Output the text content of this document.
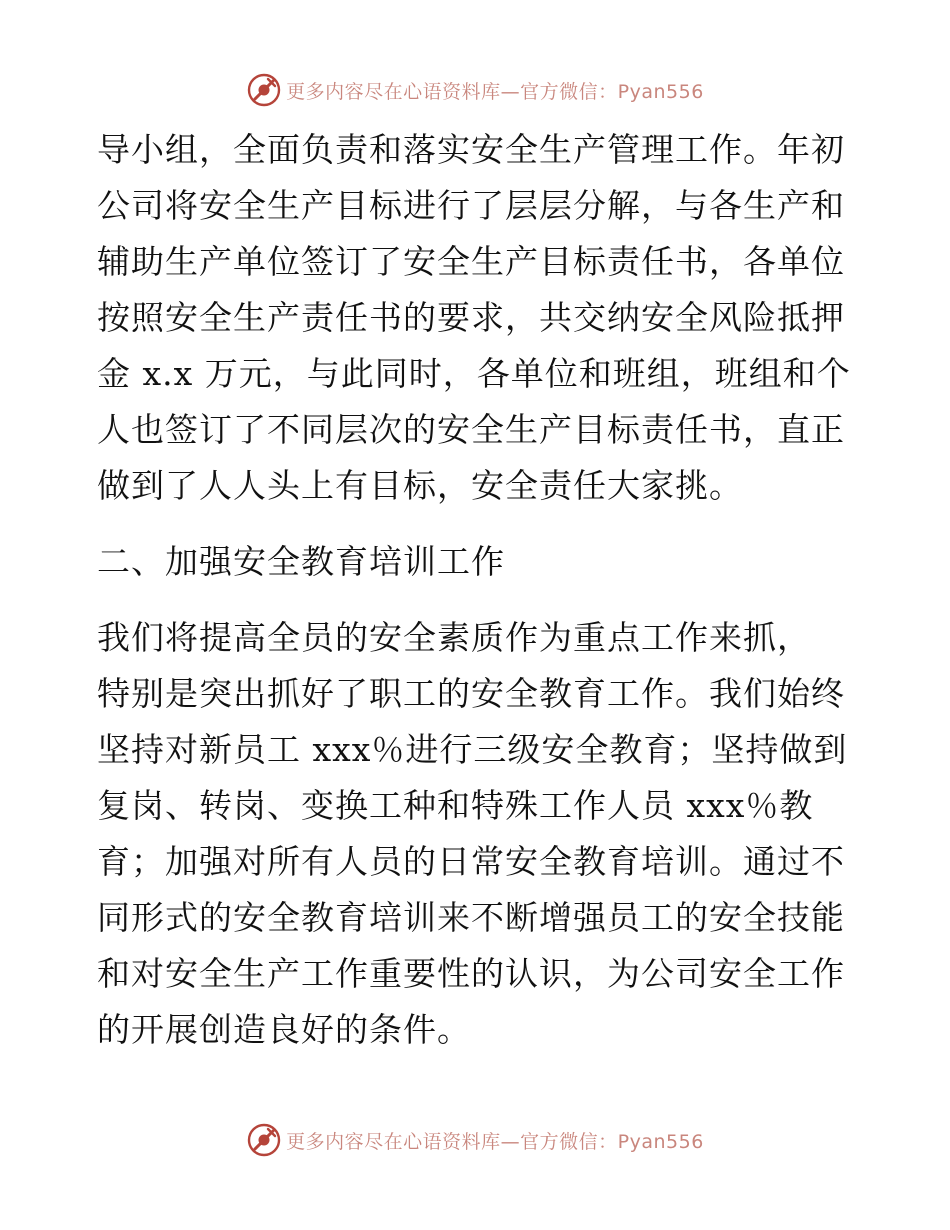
更多内容尽在心语资料库—官方微信：Pyan556
导小组，全面负责和落实安全生产管理工作。年初
公司将安全生产目标进行了层层分解，与各生产和
辅助生产单位签订了安全生产目标责任书，各单位
按照安全生产责任书的要求，共交纳安全风险抵押
金 x.x 万元，与此同时，各单位和班组，班组和个
人也签订了不同层次的安全生产目标责任书，直正
做到了人人头上有目标，安全责任大家挑。
二、加强安全教育培训工作
我们将提高全员的安全素质作为重点工作来抓，
特别是突出抓好了职工的安全教育工作。我们始终
坚持对新员工 xxx％进行三级安全教育；坚持做到
复岗、转岗、变换工种和特殊工作人员 xxx％教
育；加强对所有人员的日常安全教育培训。通过不
同形式的安全教育培训来不断增强员工的安全技能
和对安全生产工作重要性的认识，为公司安全工作
的开展创造良好的条件。
更多内容尽在心语资料库—官方微信：Pyan556
